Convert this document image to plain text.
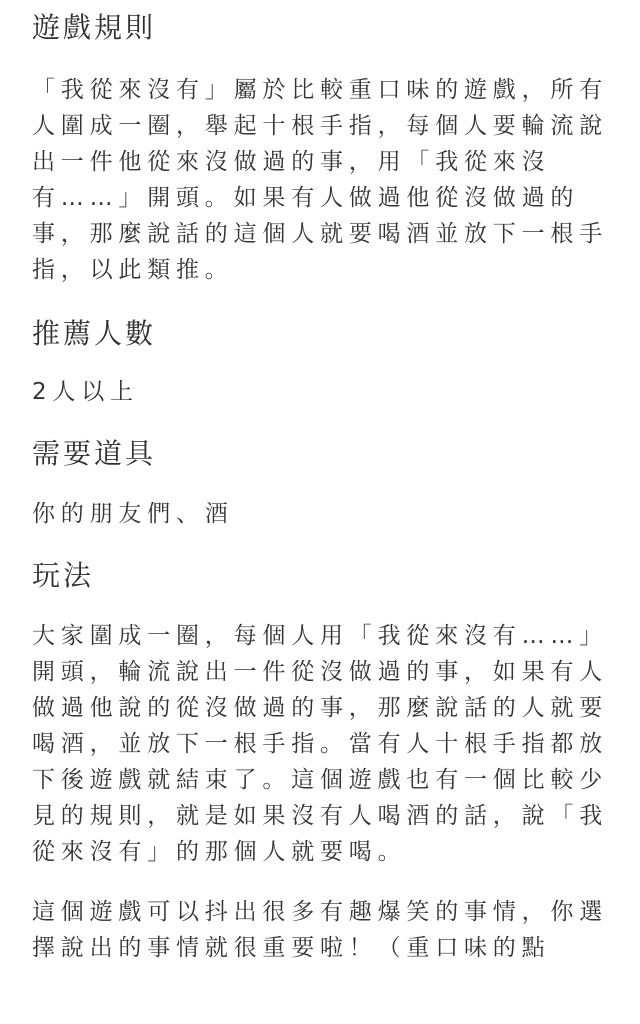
遊戲規則

「我從來沒有」屬於比較重口味的遊戲，所有人圍成一圈，舉起十根手指，每個人要輪流說出一件他從來沒做過的事，用「我從來沒有……」開頭。如果有人做過他從沒做過的事，那麼說話的這個人就要喝酒並放下一根手指，以此類推。

推薦人數

2人以上

需要道具

你的朋友們、酒

玩法

大家圍成一圈，每個人用「我從來沒有……」開頭，輪流說出一件從沒做過的事，如果有人做過他說的從沒做過的事，那麼說話的人就要喝酒，並放下一根手指。當有人十根手指都放下後遊戲就結束了。這個遊戲也有一個比較少見的規則，就是如果沒有人喝酒的話，說「我從來沒有」的那個人就要喝。

這個遊戲可以抖出很多有趣爆笑的事情，你選擇說出的事情就很重要啦！（重口味的點
